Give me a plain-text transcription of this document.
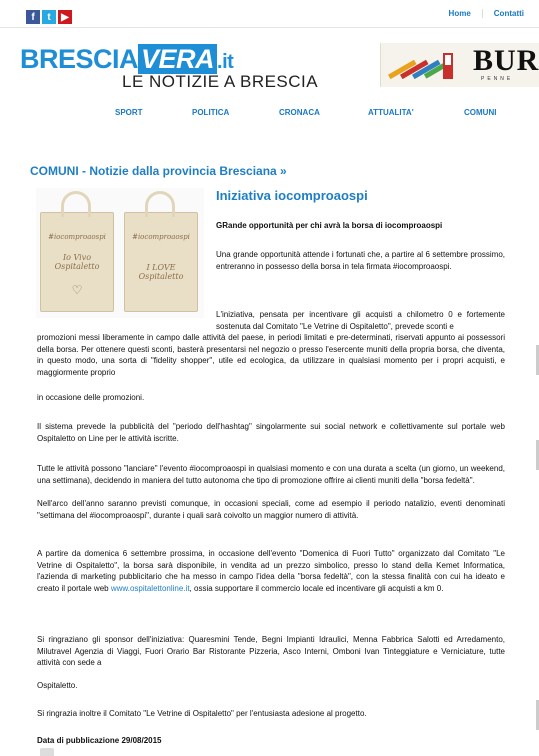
f	t	▶	Home	Contatti
BRESCIA VERA .it
LE NOTIZIE A BRESCIA
BUR
PENNE
SPORT	POLITICA	CRONACA	ATTUALITA'	COMUNI
COMUNI - Notizie dalla provincia Bresciana »
#iocomproaospi
Io Vivo Ospitaletto
♡
#iocomproaospi
I LOVE Ospitaletto
Iniziativa iocomproaospi
GRande opportunità per chi avrà la borsa di iocomproaospi
Una grande opportunità attende i fortunati che, a partire al 6 settembre prossimo, entreranno in possesso della borsa in tela firmata #iocomproaospi.
L'iniziativa, pensata per incentivare gli acquisti a chilometro 0 e fortemente sostenuta dal Comitato "Le Vetrine di Ospitaletto", prevede sconti e
promozioni messi liberamente in campo dalle attività del paese, in periodi limitati e pre-determinati, riservati appunto ai possessori della borsa. Per ottenere questi sconti, basterà presentarsi nel negozio o presso l'esercente muniti della propria borsa, che diventa, in questo modo, una sorta di "fidelity shopper", utile ed ecologica, da utilizzare in qualsiasi momento per i propri acquisti, e maggiormente proprio
in occasione delle promozioni.
Il sistema prevede la pubblicità del "periodo dell'hashtag" singolarmente sui social network e collettivamente sul portale web Ospitaletto on Line per le attività iscritte.
Tutte le attività possono "lanciare" l'evento #iocomproaospi in qualsiasi momento e con una durata a scelta (un giorno, un weekend, una settimana), decidendo in maniera del tutto autonoma che tipo di promozione offrire ai clienti muniti della "borsa fedeltà".
Nell'arco dell'anno saranno previsti comunque, in occasioni speciali, come ad esempio il periodo natalizio, eventi denominati "settimana del #iocomproaospi", durante i quali sarà coivolto un maggior numero di attività.
A partire da domenica 6 settembre prossima, in occasione dell'evento "Domenica di Fuori Tutto" organizzato dal Comitato "Le Vetrine di Ospitaletto", la borsa sarà disponibile, in vendita ad un prezzo simbolico, presso lo stand della Kemet Informatica, l'azienda di marketing pubblicitario che ha messo in campo l'idea della "borsa fedeltà", con la stessa finalità con cui ha ideato e creato il portale web www.ospitalettonline.it, ossia supportare il commercio locale ed incentivare gli acquisti a km 0.
Si ringraziano gli sponsor dell'iniziativa: Quaresmini Tende, Begni Impianti Idraulici, Menna Fabbrica Salotti ed Arredamento, Milutravel Agenzia di Viaggi, Fuori Orario Bar Ristorante Pizzeria, Asco Interni, Omboni Ivan Tinteggiature e Verniciature, tutte attività con sede a
Ospitaletto.
Si ringrazia inoltre il Comitato "Le Vetrine di Ospitaletto" per l'entusiasta adesione al progetto.
Data di pubblicazione 29/08/2015
